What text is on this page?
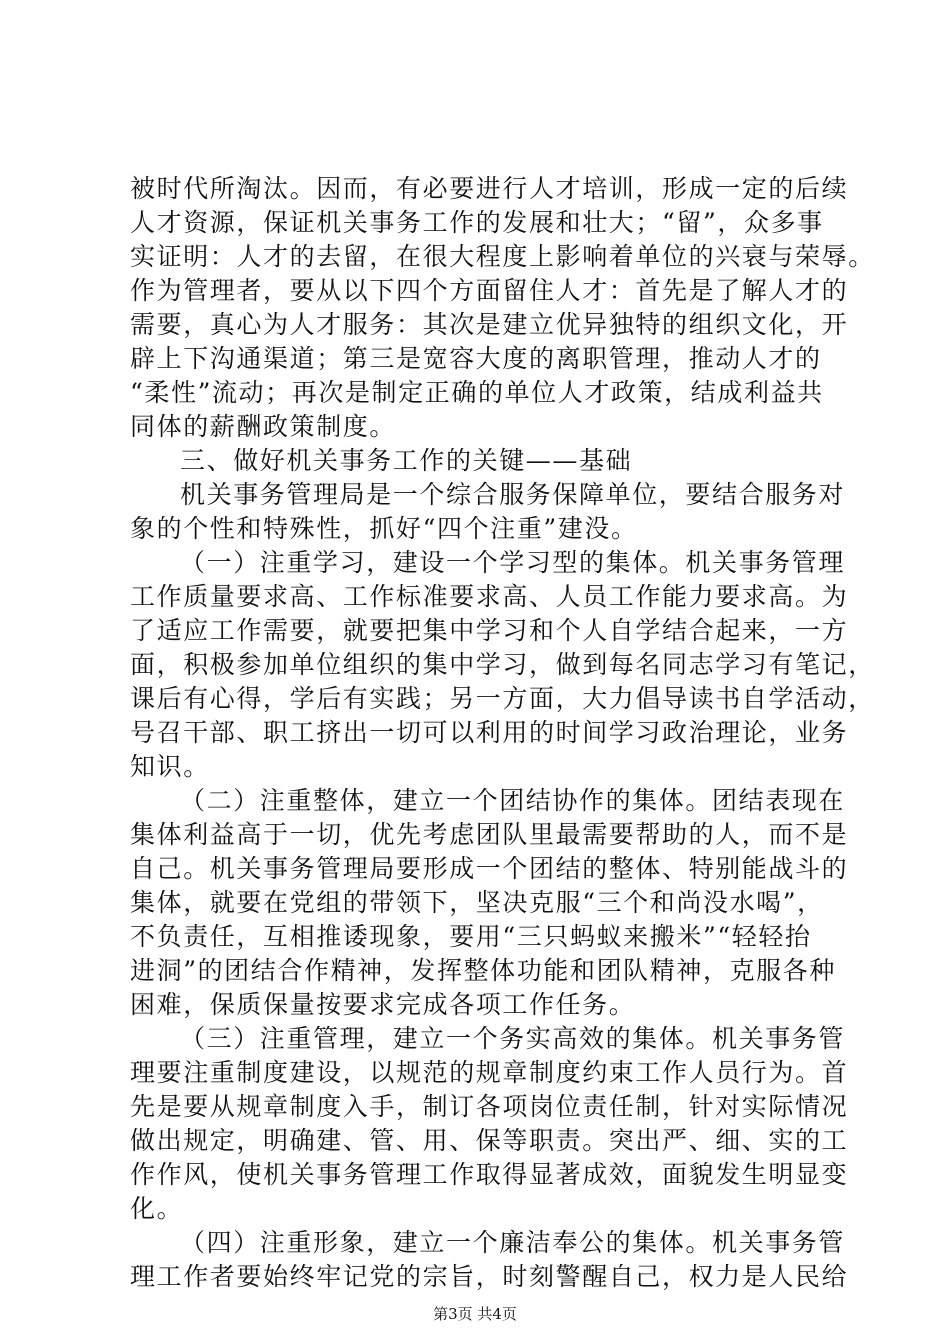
被时代所淘汰。因而，有必要进行人才培训，形成一定的后续
人才资源，保证机关事务工作的发展和壮大；“留”，众多事
实证明：人才的去留，在很大程度上影响着单位的兴衰与荣辱。
作为管理者，要从以下四个方面留住人才：首先是了解人才的
需要，真心为人才服务：其次是建立优异独特的组织文化，开
辟上下沟通渠道；第三是宽容大度的离职管理，推动人才的
“柔性”流动；再次是制定正确的单位人才政策，结成利益共
同体的薪酬政策制度。
三、做好机关事务工作的关键——基础
机关事务管理局是一个综合服务保障单位，要结合服务对
象的个性和特殊性，抓好“四个注重”建没。
（一）注重学习，建设一个学习型的集体。机关事务管理
工作质量要求高、工作标准要求高、人员工作能力要求高。为
了适应工作需要，就要把集中学习和个人自学结合起来，一方
面，积极参加单位组织的集中学习，做到每名同志学习有笔记，
课后有心得，学后有实践；另一方面，大力倡导读书自学活动，
号召干部、职工挤出一切可以利用的时间学习政治理论，业务
知识。
（二）注重整体，建立一个团结协作的集体。团结表现在
集体利益高于一切，优先考虑团队里最需要帮助的人，而不是
自己。机关事务管理局要形成一个团结的整体、特别能战斗的
集体，就要在党组的带领下，坚决克服“三个和尚没水喝”，
不负责任，互相推诿现象，要用“三只蚂蚁来搬米”“轻轻抬
进洞”的团结合作精神，发挥整体功能和团队精神，克服各种
困难，保质保量按要求完成各项工作任务。
（三）注重管理，建立一个务实高效的集体。机关事务管
理要注重制度建设，以规范的规章制度约束工作人员行为。首
先是要从规章制度入手，制订各项岗位责任制，针对实际情况
做出规定，明确建、管、用、保等职责。突出严、细、实的工
作作风，使机关事务管理工作取得显著成效，面貌发生明显变
化。
（四）注重形象，建立一个廉洁奉公的集体。机关事务管
理工作者要始终牢记党的宗旨，时刻警醒自己，权力是人民给
第3页 共4页
